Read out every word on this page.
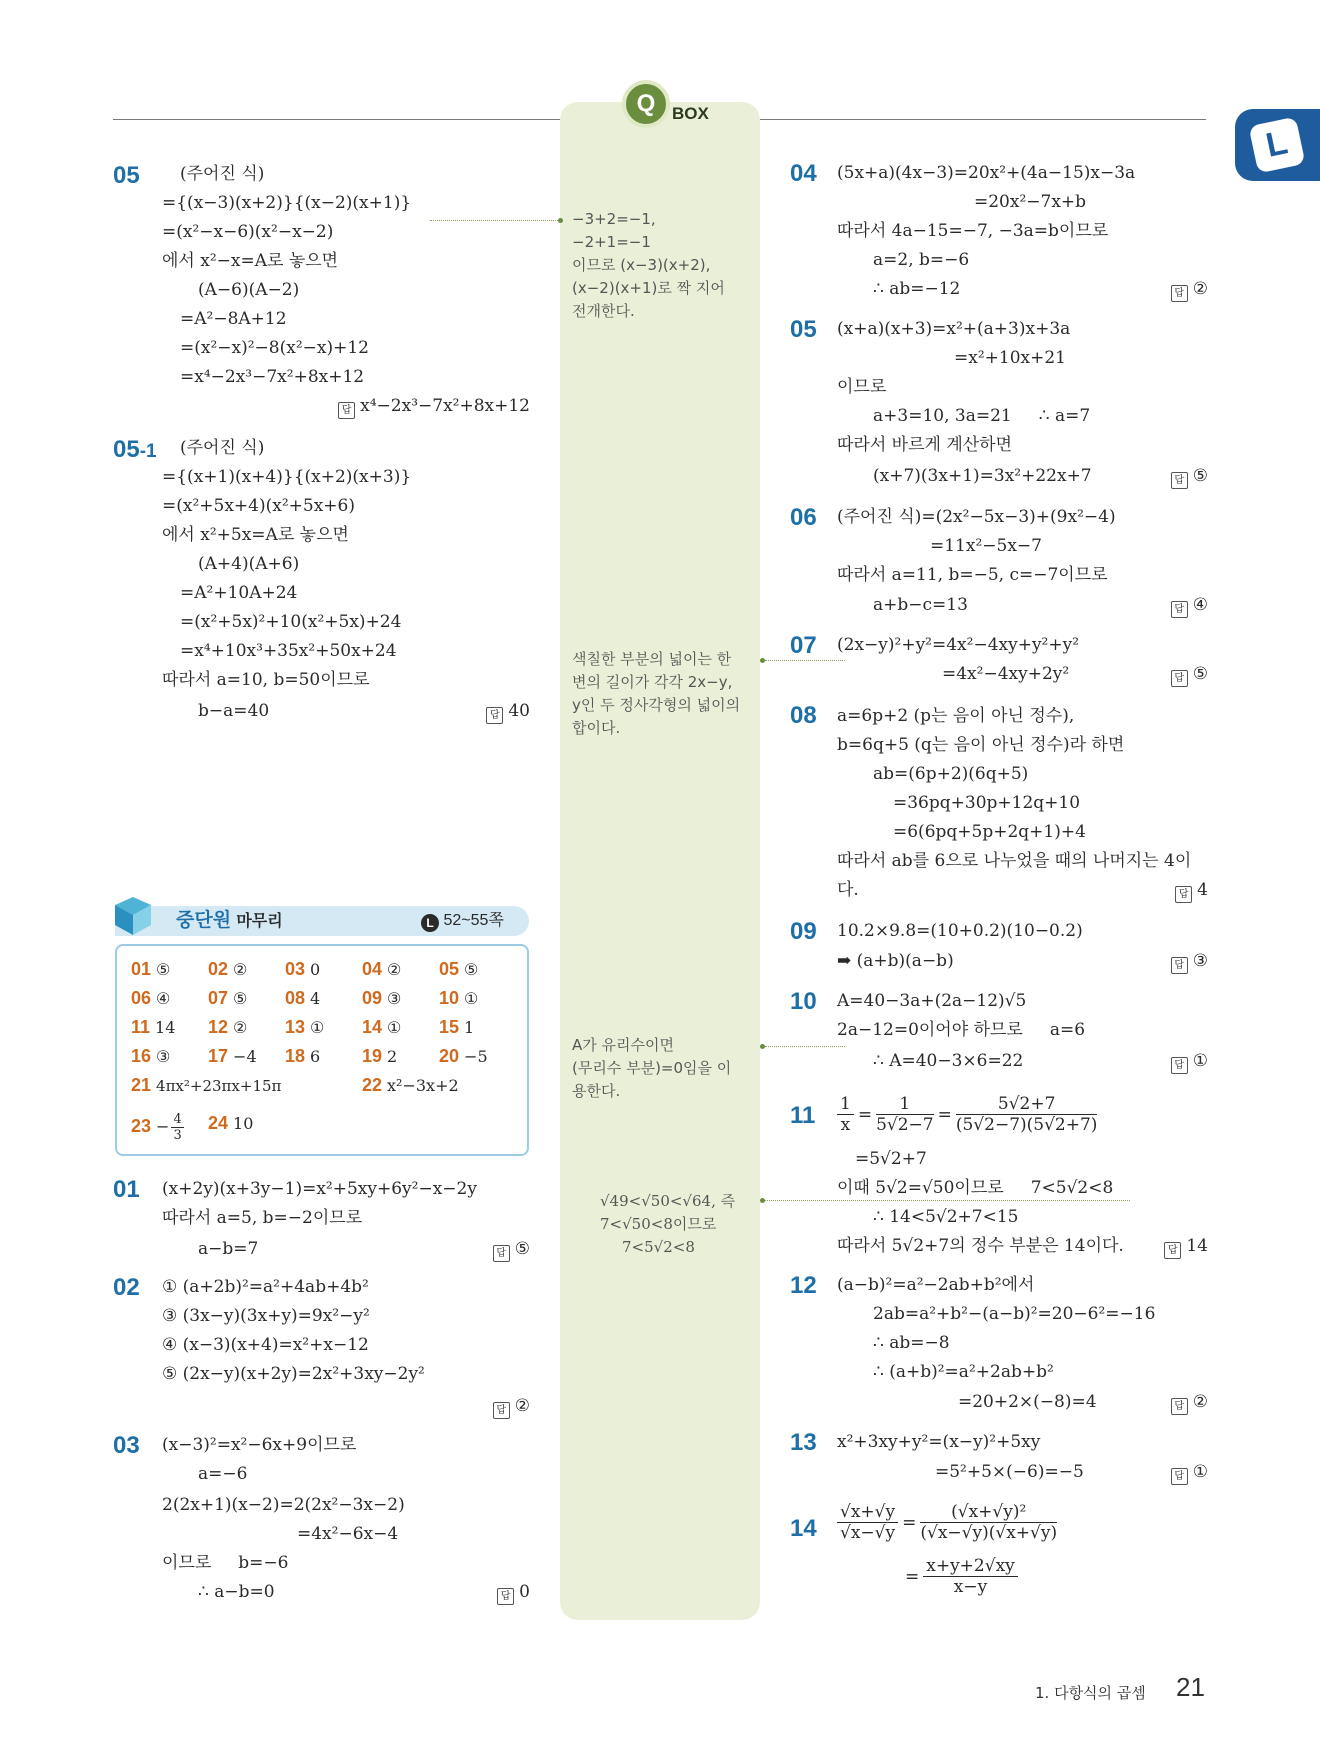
Q BOX
L
05 (주어진 식)
={(x−3)(x+2)}{(x−2)(x+1)}
=(x²−x−6)(x²−x−2)
에서 x²−x=A로 놓으면
(A−6)(A−2)
=A²−8A+12
=(x²−x)²−8(x²−x)+12
=x⁴−2x³−7x²+8x+12
답 x⁴−2x³−7x²+8x+12
05-1 (주어진 식)
={(x+1)(x+4)}{(x+2)(x+3)}
=(x²+5x+4)(x²+5x+6)
에서 x²+5x=A로 놓으면
(A+4)(A+6)
=A²+10A+24
=(x²+5x)²+10(x²+5x)+24
=x⁴+10x³+35x²+50x+24
따라서 a=10, b=50이므로
b−a=40	답 40
중단원 마무리	L 52~55쪽
01 ⑤ 02 ② 03 0 04 ② 05 ⑤
06 ④ 07 ⑤ 08 4 09 ③ 10 ①
11 14 12 ② 13 ① 14 ① 15 1
16 ③ 17 −4 18 6 19 2 20 −5
21 4πx²+23πx+15π	22 x²−3x+2
$23 - \frac{4}{3} 24$ 10
01 (x+2y)(x+3y−1)=x²+5xy+6y²−x−2y
따라서 a=5, b=−2이므로
a−b=7	답 ⑤
02 ① (a+2b)²=a²+4ab+4b²
③ (3x−y)(3x+y)=9x²−y²
④ (x−3)(x+4)=x²+x−12
⑤ (2x−y)(x+2y)=2x²+3xy−2y²
답 ②
03 (x−3)²=x²−6x+9이므로
a=−6
2(2x+1)(x−2)=2(2x²−3x−2)
=4x²−6x−4
이므로     b=−6
∴ a−b=0	답 0
−3+2=−1,
−2+1=−1
이므로 (x−3)(x+2),
(x−2)(x+1)로 짝 지어
전개한다.
색칠한 부분의 넓이는 한
변의 길이가 각각 2x−y,
y인 두 정사각형의 넓이의
합이다.
A가 유리수이면
(무리수 부분)=0임을 이
용한다.
√49<√50<√64, 즉
7<√50<8이므로
7<5√2<8
04 (5x+a)(4x−3)=20x²+(4a−15)x−3a
=20x²−7x+b
따라서 4a−15=−7, −3a=b이므로
a=2, b=−6
∴ ab=−12	답 ②
05 (x+a)(x+3)=x²+(a+3)x+3a
=x²+10x+21
이므로
a+3=10, 3a=21     ∴ a=7
따라서 바르게 계산하면
(x+7)(3x+1)=3x²+22x+7	답 ⑤
06 (주어진 식)=(2x²−5x−3)+(9x²−4)
=11x²−5x−7
따라서 a=11, b=−5, c=−7이므로
a+b−c=13	답 ④
07 (2x−y)²+y²=4x²−4xy+y²+y²
=4x²−4xy+2y²	답 ⑤
08 a=6p+2 (p는 음이 아닌 정수),
b=6q+5 (q는 음이 아닌 정수)라 하면
ab=(6p+2)(6q+5)
=36pq+30p+12q+10
=6(6pq+5p+2q+1)+4
따라서 ab를 6으로 나누었을 때의 나머지는 4이
다.	답 4
09 10.2×9.8=(10+0.2)(10−0.2)
➡ (a+b)(a−b)	답 ③
10 A=40−3a+(2a−12)√5
2a−12=0이어야 하므로     a=6
∴ A=40−3×6=22	답 ①
$11 \frac{1}{x} = \frac{1}{5√2-7} = \frac{5√2+7}{(5√2-7)(5√2+7)}$
=5√2+7
이때 5√2=√50이므로     7<5√2<8
∴ 14<5√2+7<15
따라서 5√2+7의 정수 부분은 14이다.	답 14
12 (a−b)²=a²−2ab+b²에서
2ab=a²+b²−(a−b)²=20−6²=−16
∴ ab=−8
∴ (a+b)²=a²+2ab+b²
=20+2×(−8)=4	답 ②
13 x²+3xy+y²=(x−y)²+5xy
=5²+5×(−6)=−5	답 ①
$14 \frac{√x+√y}{√x-√y} = \frac{\text{(√x+√y)²}}{(√x-√y)(√x+√y)}$
= $\frac{x+y+2√xy}{x-y}$
1. 다항식의 곱셈 21
